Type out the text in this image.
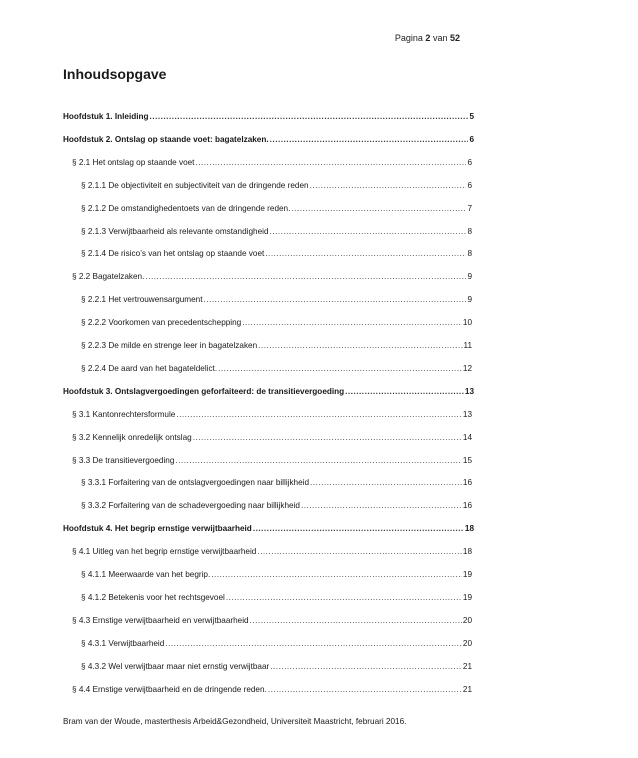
Pagina 2 van 52
Inhoudsopgave
Hoofdstuk 1. Inleiding .....	5
Hoofdstuk 2. Ontslag op staande voet: bagatelzaken. .....	6
§ 2.1 Het ontslag op staande voet .....	6
§ 2.1.1 De objectiviteit en subjectiviteit van de dringende reden .....	6
§ 2.1.2 De omstandighedentoets van de dringende reden. .....	7
§ 2.1.3 Verwijtbaarheid als relevante omstandigheid .....	8
§ 2.1.4 De risico’s van het ontslag op staande voet .....	8
§ 2.2 Bagatelzaken. .....	9
§ 2.2.1 Het vertrouwensargument .....	9
§ 2.2.2 Voorkomen van precedentschepping .....	10
§ 2.2.3 De milde en strenge leer in bagatelzaken .....	11
§ 2.2.4 De aard van het bagateldelict. .....	12
Hoofdstuk 3. Ontslagvergoedingen geforfaiteerd: de transitievergoeding .....	13
§ 3.1 Kantonrechtersformule .....	13
§ 3.2 Kennelijk onredelijk ontslag .....	14
§ 3.3 De transitievergoeding .....	15
§ 3.3.1 Forfaitering van de ontslagvergoedingen naar billijkheid .....	16
§ 3.3.2 Forfaitering van de schadevergoeding naar billijkheid .....	16
Hoofdstuk 4. Het begrip ernstige verwijtbaarheid .....	18
§ 4.1 Uitleg van het begrip ernstige verwijtbaarheid .....	18
§ 4.1.1 Meerwaarde van het begrip. .....	19
§ 4.1.2 Betekenis voor het rechtsgevoel .....	19
§ 4.3 Ernstige verwijtbaarheid en verwijtbaarheid .....	20
§ 4.3.1 Verwijtbaarheid .....	20
§ 4.3.2 Wel verwijtbaar maar niet ernstig verwijtbaar .....	21
§ 4.4 Ernstige verwijtbaarheid en de dringende reden. .....	21
Bram van der Woude, masterthesis Arbeid&Gezondheid, Universiteit Maastricht, februari 2016.
